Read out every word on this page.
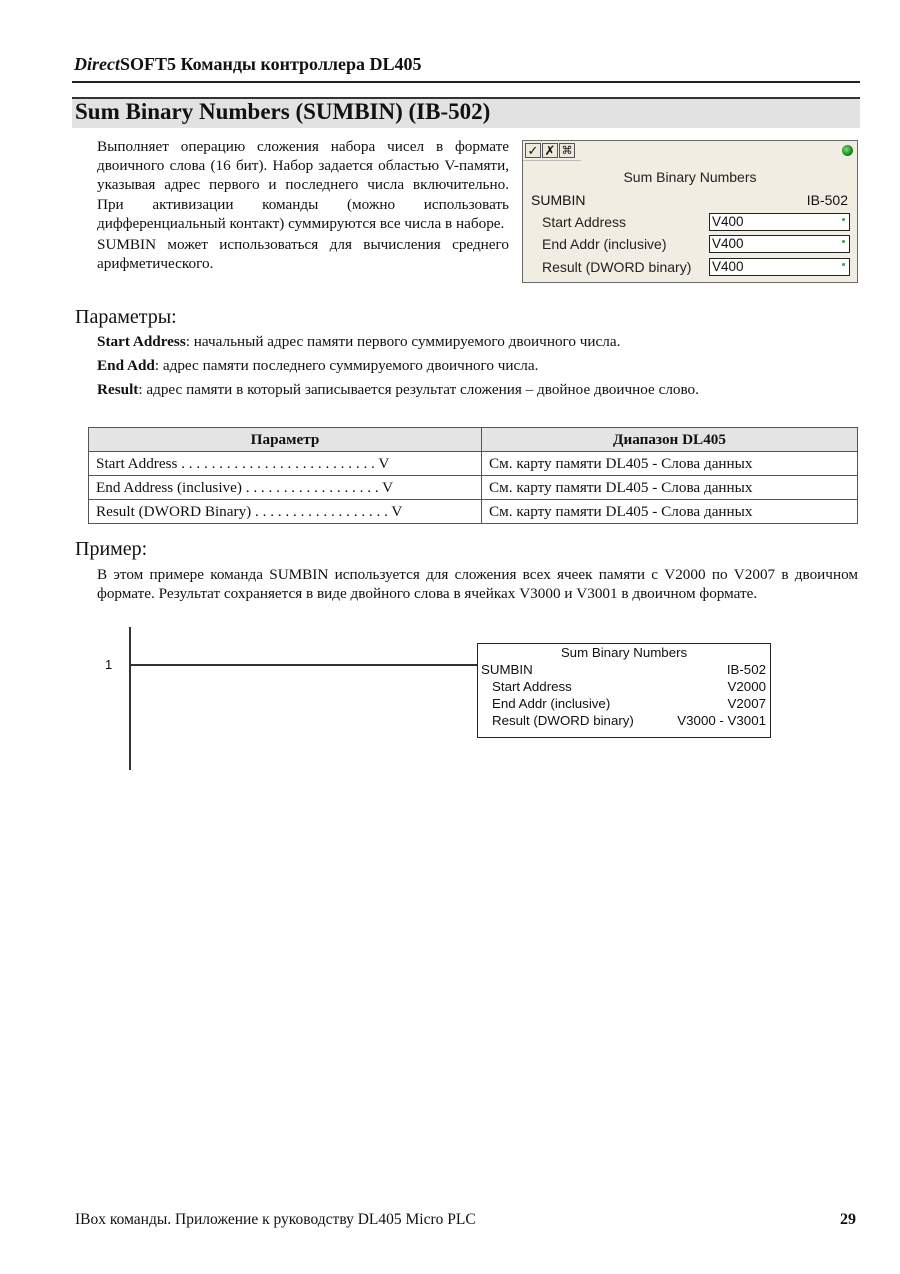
DirectSOFT5 Команды контроллера DL405
Sum Binary Numbers (SUMBIN) (IB-502)

Выполняет операцию сложения набора чисел в формате двоичного слова (16 бит). Набор задается областью V-памяти, указывая адрес первого и последнего числа включительно. При активизации команды (можно использовать дифференциальный контакт) суммируются все числа в наборе.

SUMBIN может использоваться для вычисления среднего арифметического.

✓ ✗ ⌘
Sum Binary Numbers
SUMBIN	IB-502
Start Address	V400
End Addr (inclusive)	V400
Result (DWORD binary) V400
Параметры:
Start Address: начальный адрес памяти первого суммируемого двоичного числа.
End Add: адрес памяти последнего суммируемого двоичного числа.
Result: адрес памяти в который записывается результат сложения – двойное двоичное слово.
Параметр	Диапазон DL405
Start Address . . . . . . . . . . . . . . . . . . . . . . . . . . V	См. карту памяти DL405 - Слова данных
End Address (inclusive) . . . . . . . . . . . . . . . . . . V	См. карту памяти DL405 - Слова данных
Result (DWORD Binary) . . . . . . . . . . . . . . . . . . V	См. карту памяти DL405 - Слова данных
Пример:
В этом примере команда SUMBIN используется для сложения всех ячеек памяти с V2000 по V2007 в двоичном формате. Результат сохраняется в виде двойного слова в ячейках V3000 и V3001 в двоичном формате.
1
Sum Binary Numbers
SUMBIN	IB-502
Start Address	V2000
End Addr (inclusive)	V2007
Result (DWORD binary)	V3000 - V3001
IBox команды. Приложение к руководству DL405 Micro PLC	29
